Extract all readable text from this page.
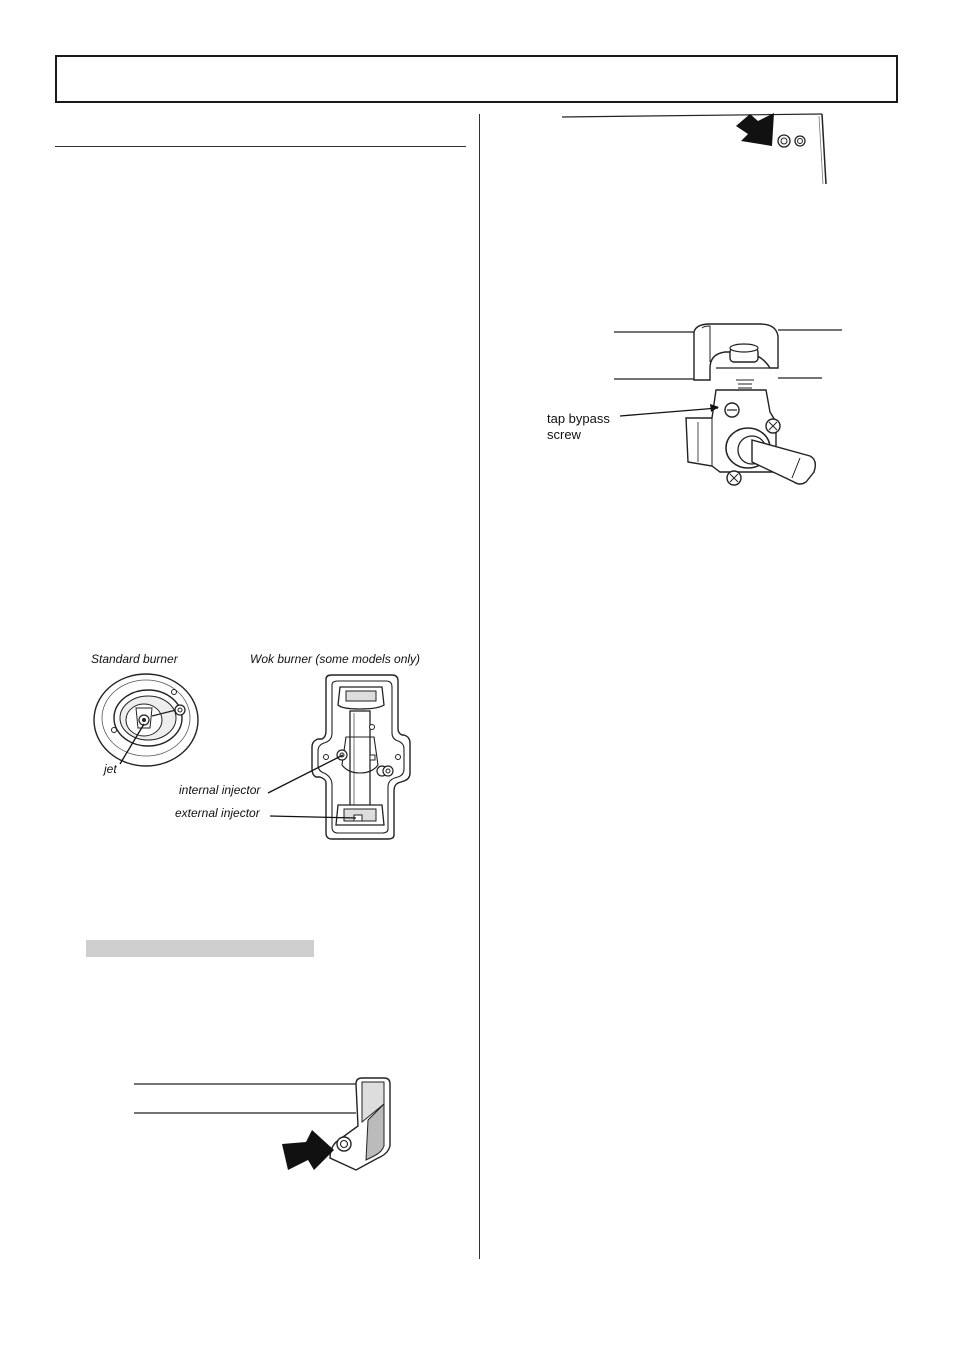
tap bypass
screw
Standard burner	Wok burner (some models only)
jet
internal injector
external injector
